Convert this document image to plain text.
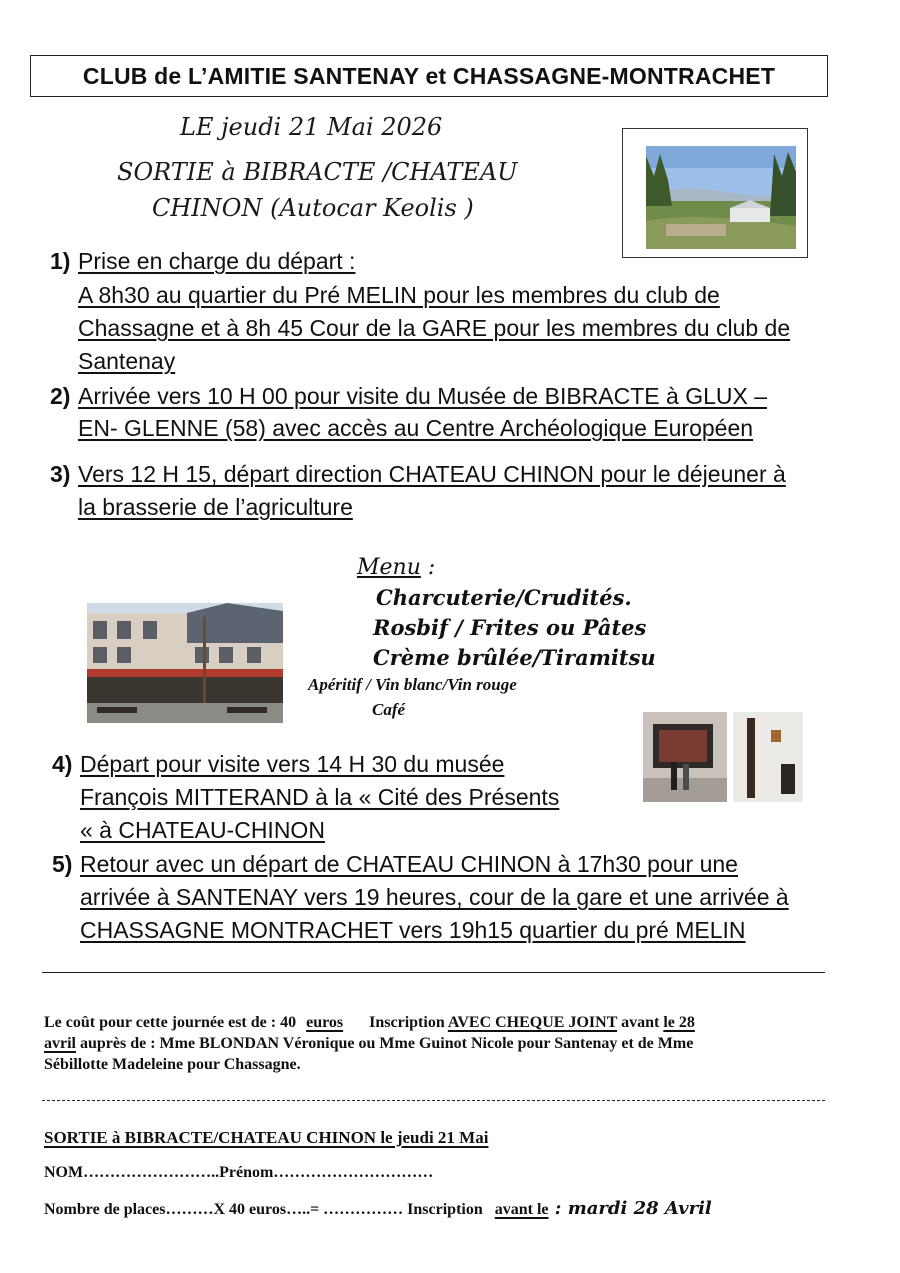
CLUB de L’AMITIE SANTENAY et CHASSAGNE-MONTRACHET
LE jeudi 21 Mai 2026
SORTIE à BIBRACTE /CHATEAU
CHINON (Autocar Keolis )
1) Prise en charge du départ :
A 8h30 au quartier du Pré MELIN pour les membres du club de
Chassagne et à 8h 45 Cour de la GARE pour les membres du club de
Santenay
2) Arrivée vers 10 H 00 pour visite du Musée de BIBRACTE à GLUX –
EN- GLENNE (58) avec accès au Centre Archéologique Européen
3) Vers 12 H 15, départ direction CHATEAU CHINON pour le déjeuner à
la brasserie de l’agriculture
Menu :
Charcuterie/Crudités.
Rosbif / Frites ou Pâtes
Crème brûlée/Tiramitsu
Apéritif / Vin blanc/Vin rouge
Café
4) Départ pour visite vers 14 H 30 du musée
François MITTERAND à la « Cité des Présents
« à CHATEAU-CHINON
5) Retour avec un départ de CHATEAU CHINON à 17h30 pour une
arrivée à SANTENAY vers 19 heures, cour de la gare et une arrivée à
CHASSAGNE MONTRACHET vers 19h15 quartier du pré MELIN
Le coût pour cette journée est de : 40 euros Inscription AVEC CHEQUE JOINT avant le 28
avril auprès de : Mme BLONDAN Véronique ou Mme Guinot Nicole pour Santenay et de Mme
Sébillotte Madeleine pour Chassagne.
SORTIE à BIBRACTE/CHATEAU CHINON le jeudi 21 Mai
NOM……………………..Prénom…………………………
Nombre de places………X 40 euros…..= …………… Inscription avant le : mardi 28 Avril
